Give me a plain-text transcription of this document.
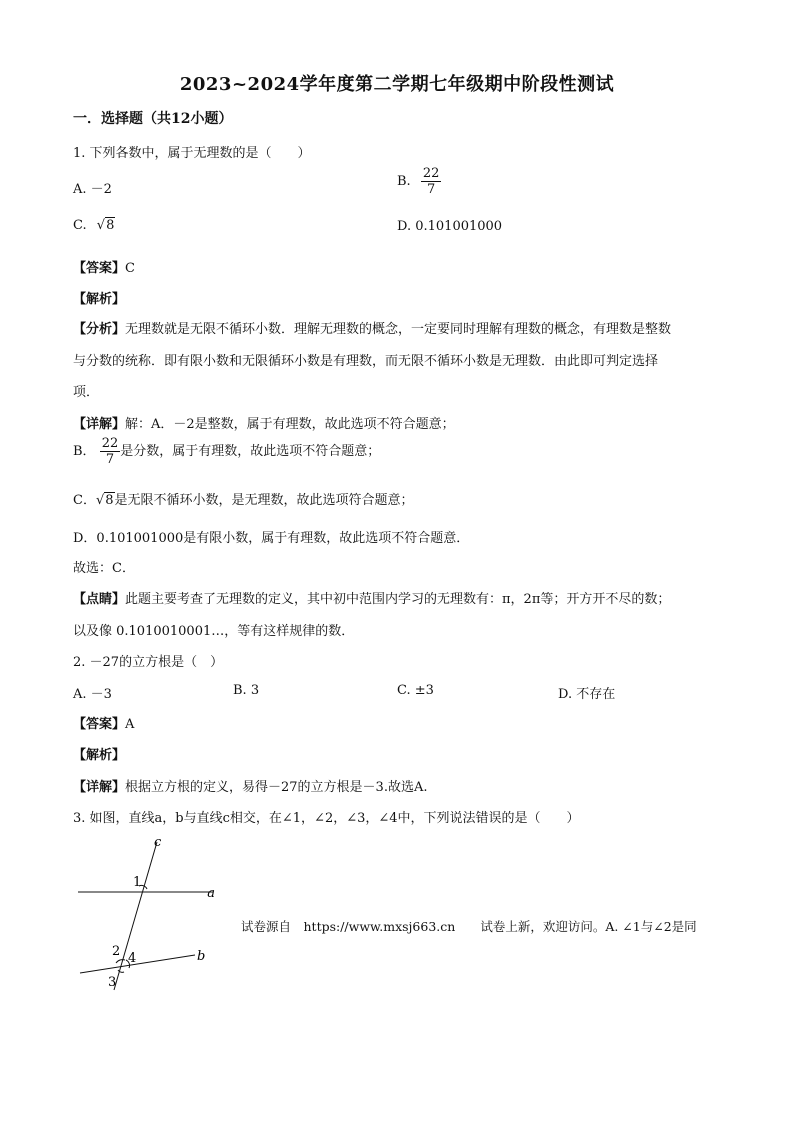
2023~2024学年度第二学期七年级期中阶段性测试
一．选择题（共12小题）
1. 下列各数中，属于无理数的是（　　）
A. －2
B. $\frac{22}{7}$
C. √8	D. 0.101001000
【答案】C
【解析】
【分析】无理数就是无限不循环小数．理解无理数的概念，一定要同时理解有理数的概念，有理数是整数
与分数的统称．即有限小数和无限循环小数是有理数，而无限不循环小数是无理数．由此即可判定选择
项．
【详解】解：A．－2是整数，属于有理数，故此选项不符合题意；
B． $\frac{22}{7}$ 是分数，属于有理数，故此选项不符合题意；
C．√8是无限不循环小数，是无理数，故此选项符合题意；
D．0.101001000是有限小数，属于有理数，故此选项不符合题意．
故选：C．
【点睛】此题主要考查了无理数的定义，其中初中范围内学习的无理数有：π，2π等；开方开不尽的数；
以及像 0.1010010001…，等有这样规律的数．
2. －27的立方根是（　）
A. －3	B. 3	C. ±3	D. 不存在
【答案】A
【解析】
【详解】根据立方根的定义，易得－27的立方根是－3.故选A.
3. 如图，直线a，b与直线c相交，在∠1，∠2，∠3，∠4中，下列说法错误的是（　　）
c
a
b
1
2 4
3
试卷源自　https://www.mxsj663.cn　　试卷上新，欢迎访问。A. ∠1与∠2是同
